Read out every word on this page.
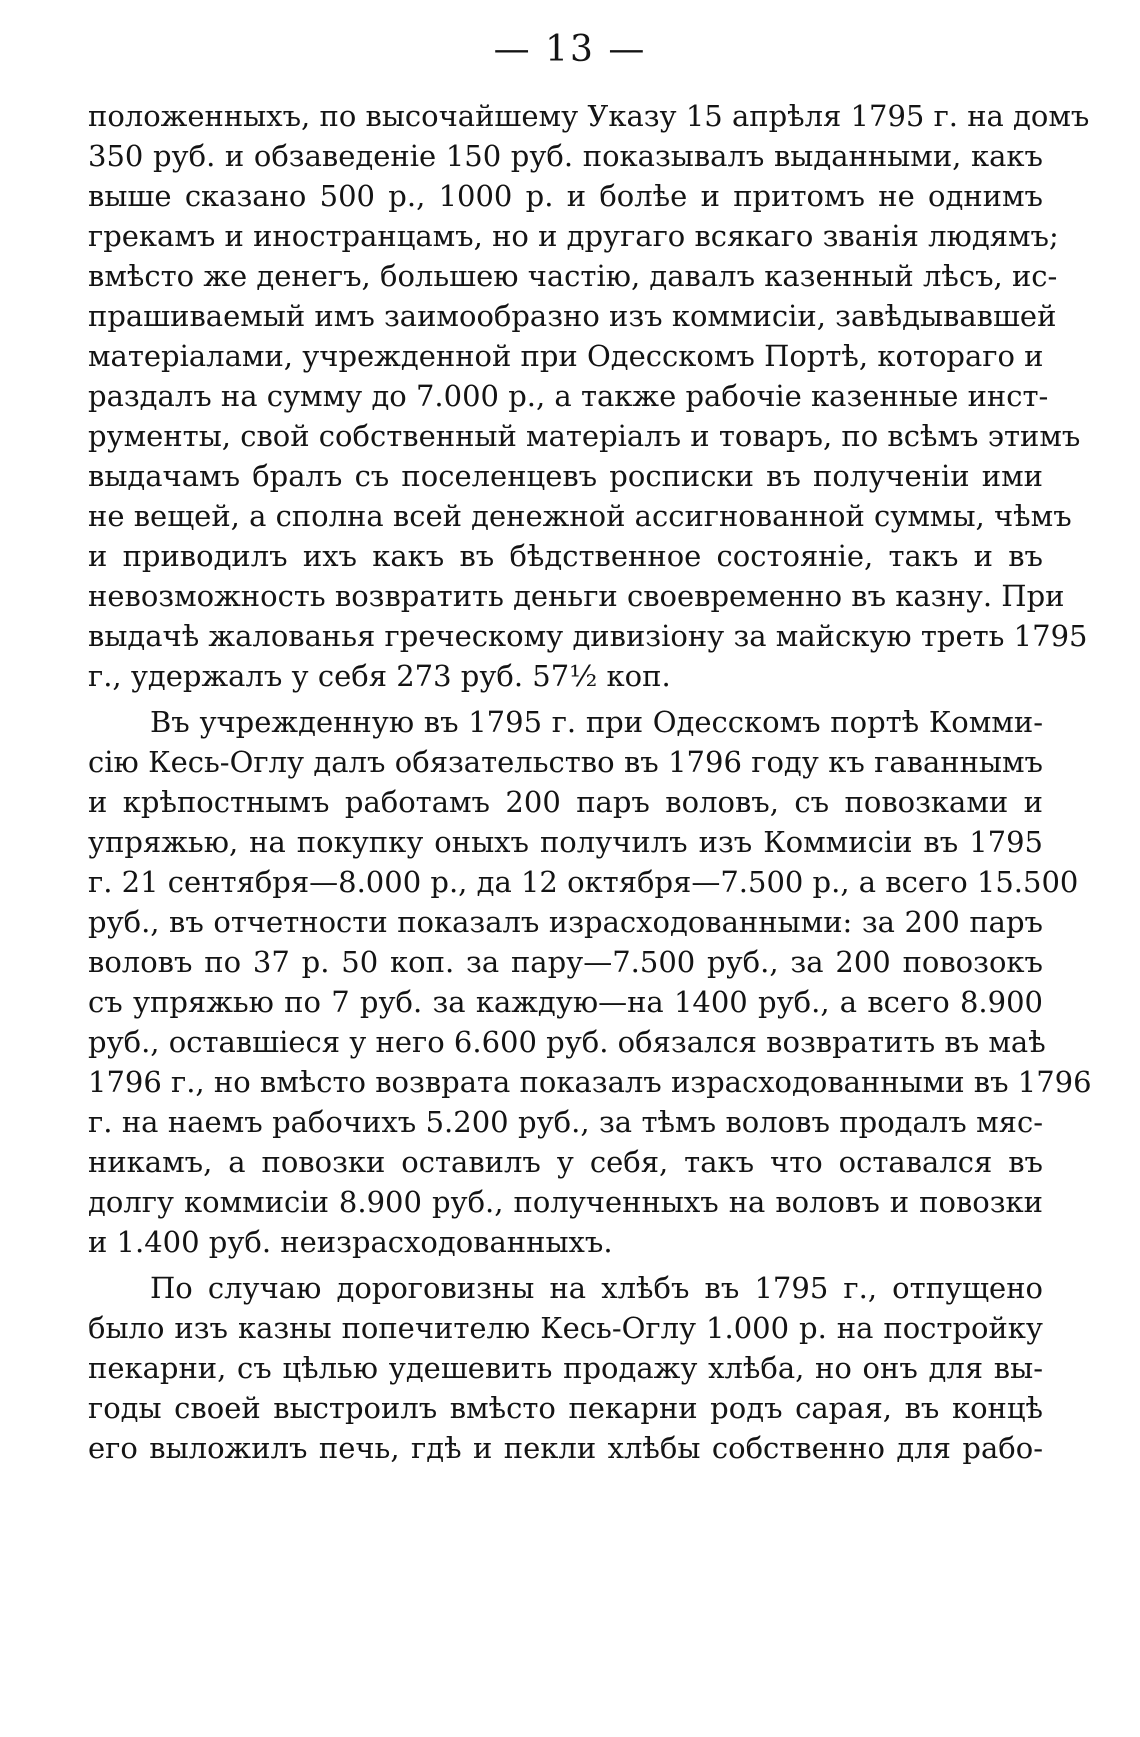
— 13 —
положенныхъ, по высочайшему Указу 15 апрѣля 1795 г. на домъ
350 руб. и обзаведеніе 150 руб. показывалъ выданными, какъ
выше сказано 500 р., 1000 р. и болѣе и притомъ не однимъ
грекамъ и иностранцамъ, но и другаго всякаго званія людямъ;
вмѣсто же денегъ, большею частію, давалъ казенный лѣсъ, ис-
прашиваемый имъ заимообразно изъ коммисіи, завѣдывавшей
матеріалами, учрежденной при Одесскомъ Портѣ, котораго и
раздалъ на сумму до 7.000 р., а также рабочіе казенные инст-
рументы, свой собственный матеріалъ и товаръ, по всѣмъ этимъ
выдачамъ бралъ съ поселенцевъ росписки въ полученіи ими
не вещей, а сполна всей денежной ассигнованной суммы, чѣмъ
и приводилъ ихъ какъ въ бѣдственное состояніе, такъ и въ
невозможность возвратить деньги своевременно въ казну. При
выдачѣ жалованья греческому дивизіону за майскую треть 1795
г., удержалъ у себя 273 руб. 57½ коп.
Въ учрежденную въ 1795 г. при Одесскомъ портѣ Комми-
сію Кесь-Оглу далъ обязательство въ 1796 году къ гаваннымъ
и крѣпостнымъ работамъ 200 паръ воловъ, съ повозками и
упряжью, на покупку оныхъ получилъ изъ Коммисіи въ 1795
г. 21 сентября—8.000 р., да 12 октября—7.500 р., а всего 15.500
руб., въ отчетности показалъ израсходованными: за 200 паръ
воловъ по 37 р. 50 коп. за пару—7.500 руб., за 200 повозокъ
съ упряжью по 7 руб. за каждую—на 1400 руб., а всего 8.900
руб., оставшіеся у него 6.600 руб. обязался возвратить въ маѣ
1796 г., но вмѣсто возврата показалъ израсходованными въ 1796
г. на наемъ рабочихъ 5.200 руб., за тѣмъ воловъ продалъ мяс-
никамъ, а повозки оставилъ у себя, такъ что оставался въ
долгу коммисіи 8.900 руб., полученныхъ на воловъ и повозки
и 1.400 руб. неизрасходованныхъ.
По случаю дороговизны на хлѣбъ въ 1795 г., отпущено
было изъ казны попечителю Кесь-Оглу 1.000 р. на постройку
пекарни, съ цѣлью удешевить продажу хлѣба, но онъ для вы-
годы своей выстроилъ вмѣсто пекарни родъ сарая, въ концѣ
его выложилъ печь, гдѣ и пекли хлѣбы собственно для рабо-
